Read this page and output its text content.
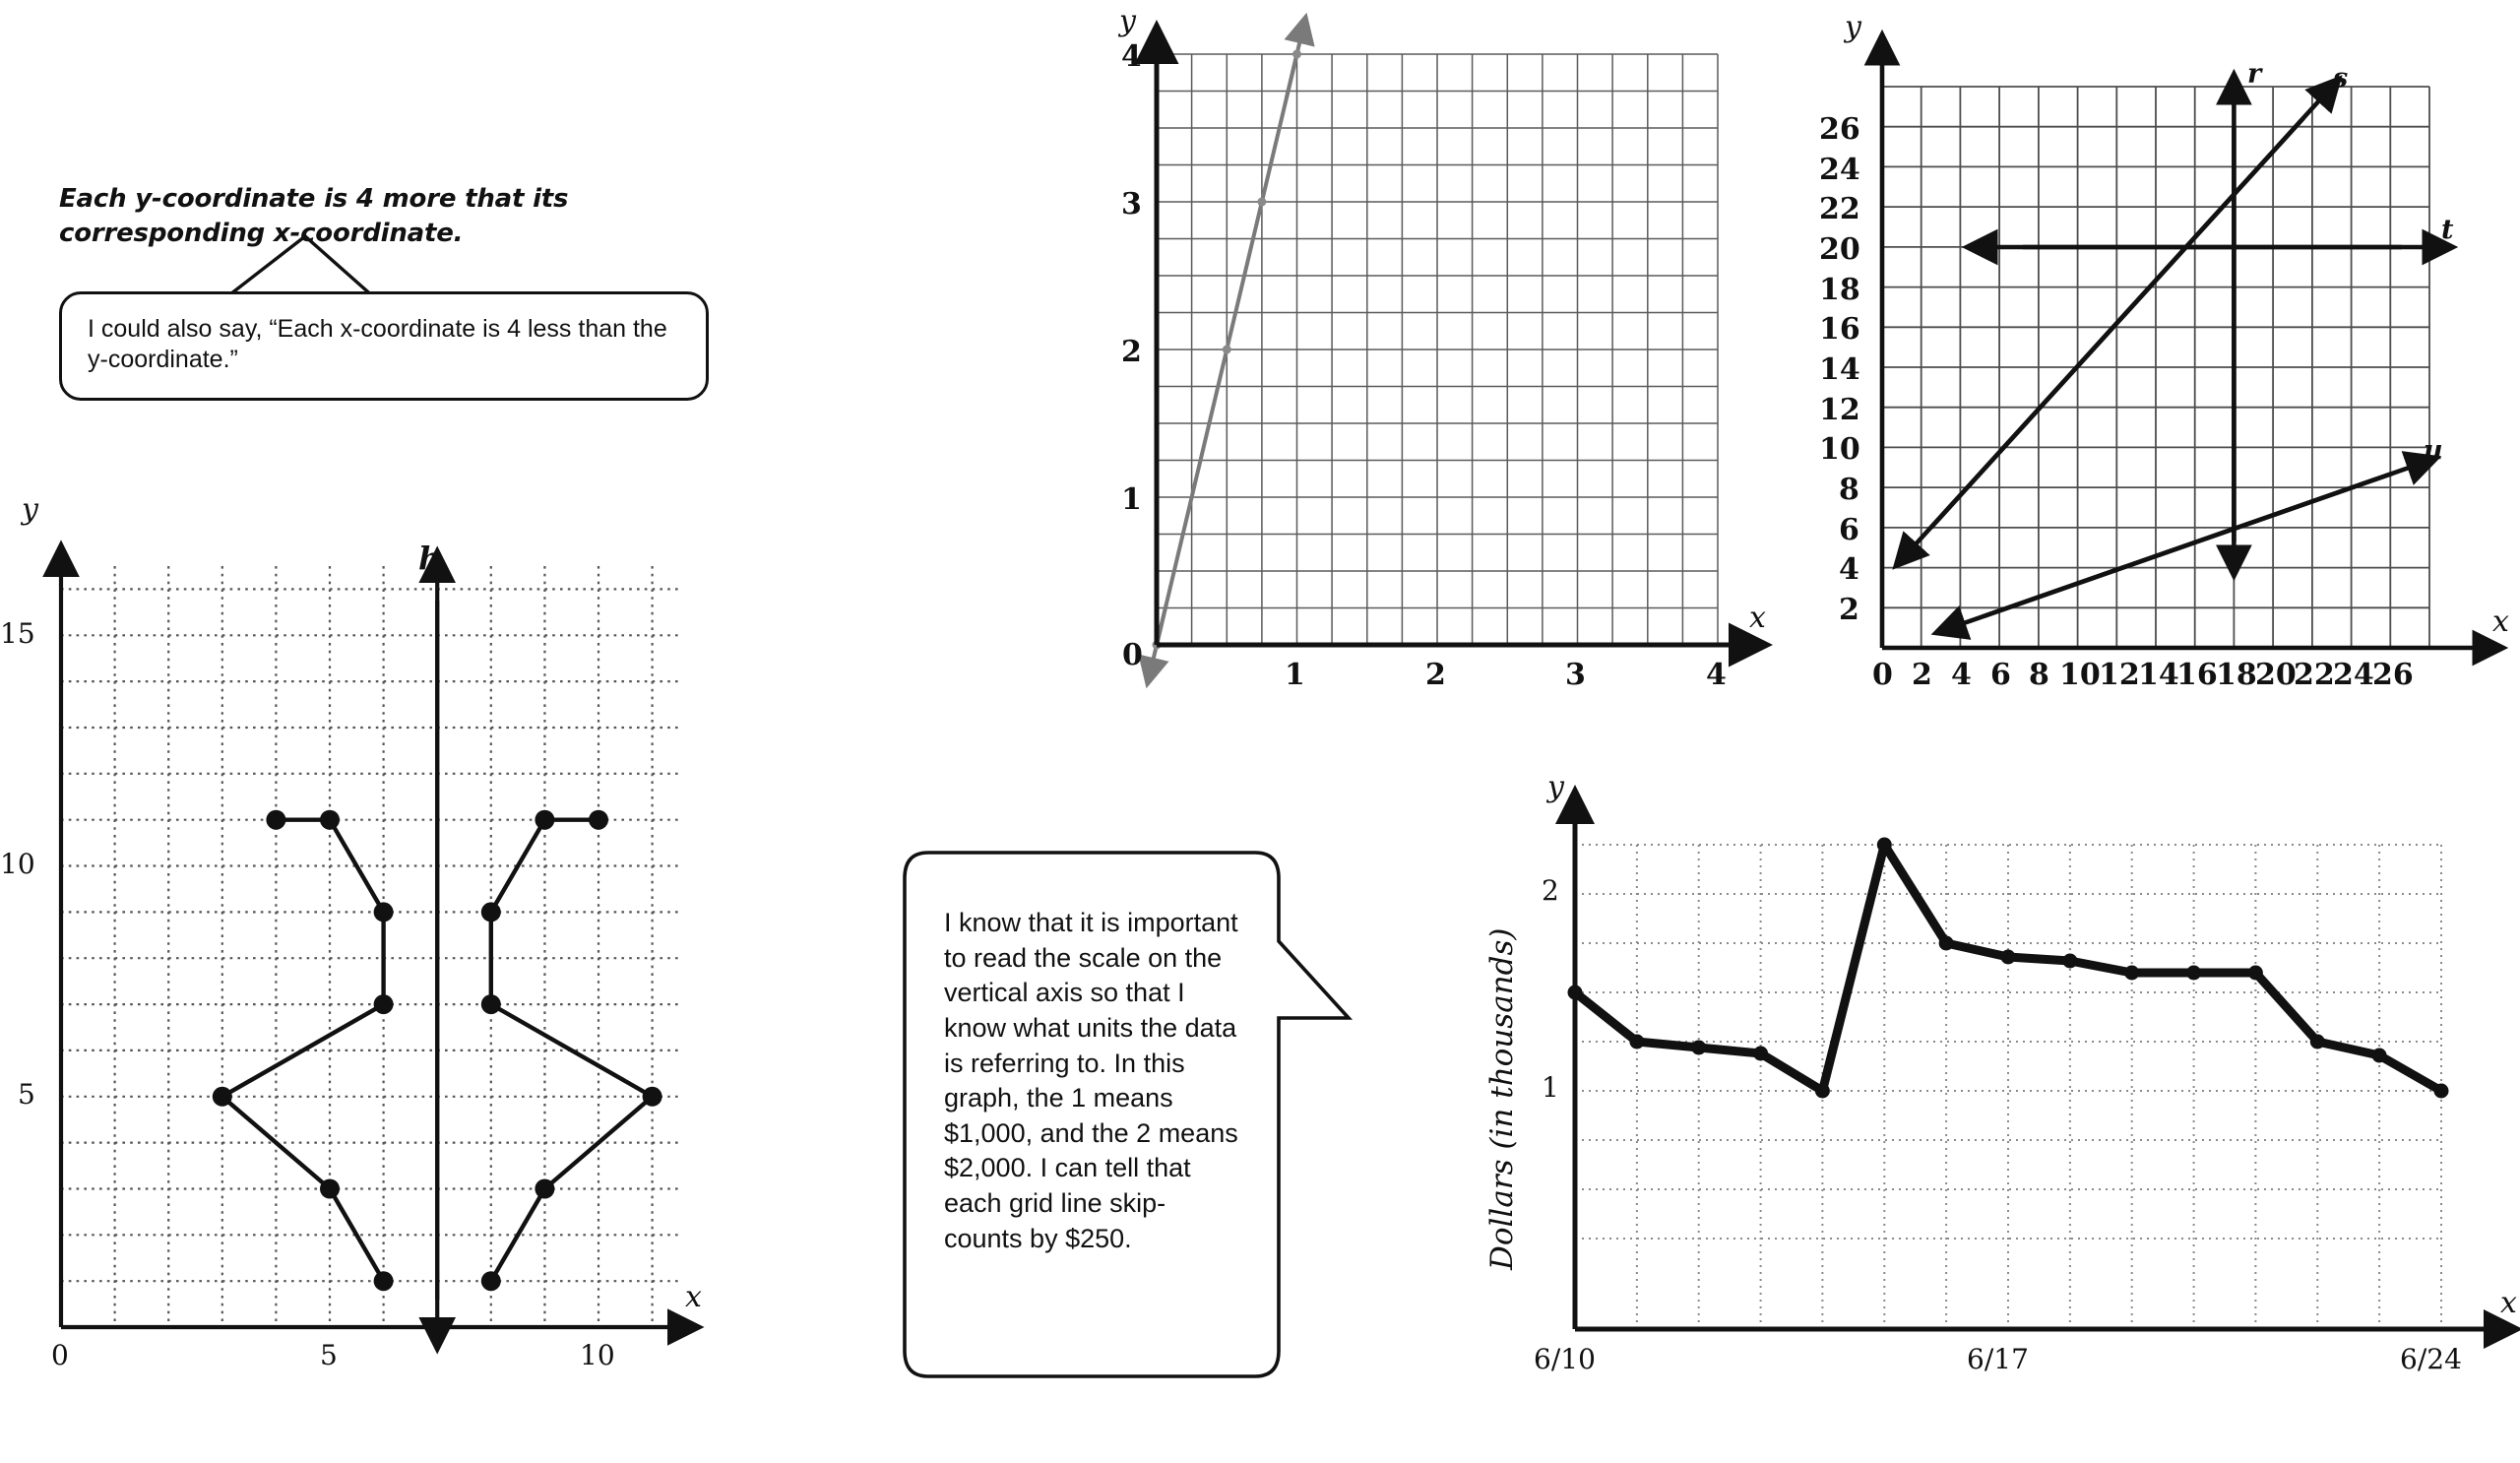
Each y-coordinate is 4 more that its corresponding x-coordinate.
I could also say, “Each x-coordinate is 4 less than the y-coordinate.”
y
x
h
5
10
15
0	5	10
y
x
0
1	2	3	4
1
2
3
4
y
x
r	s
t
u
2
4
6
8
10
12
14
16
18
20
22
24
26
0 2 4 6 8 10
12
14
16
18
20
22
24
26
I know that it is important to read the scale on the vertical axis so that I know what units the data is referring to. In this graph, the 1 means $1,000, and the 2 means $2,000. I can tell that each grid line skip-counts by $250.
y
x
Dollars (in thousands)
2
1
6/10	6/17	6/24
